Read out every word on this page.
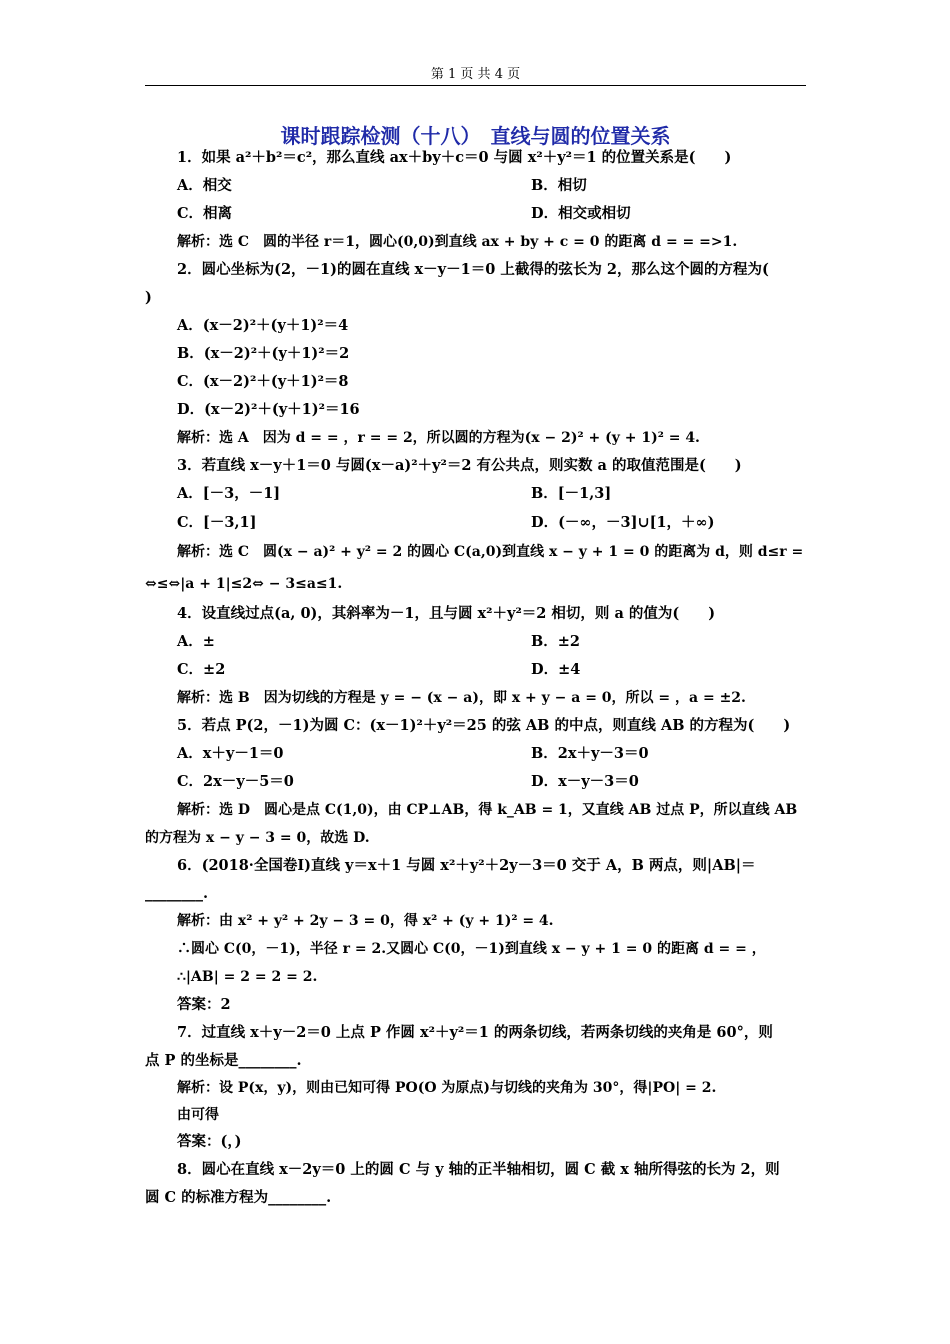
第 1 页 共 4 页
课时跟踪检测（十八）　直线与圆的位置关系
1．如果 a²＋b²＝c²，那么直线 ax＋by＋c＝0 与圆 x²＋y²＝1 的位置关系是(　　)
A．相交	B．相切
C．相离	D．相交或相切
解析：选 C　圆的半径 r＝1，圆心(0,0)到直线 ax + by + c = 0 的距离 d = = =>1.
2．圆心坐标为(2，－1)的圆在直线 x－y－1＝0 上截得的弦长为 2，那么这个圆的方程为(
)
A．(x－2)²＋(y＋1)²＝4
B．(x－2)²＋(y＋1)²＝2
C．(x－2)²＋(y＋1)²＝8
D．(x－2)²＋(y＋1)²＝16
解析：选 A　因为 d = = ，r = = 2，所以圆的方程为(x − 2)² + (y + 1)² = 4.
3．若直线 x－y＋1＝0 与圆(x－a)²＋y²＝2 有公共点，则实数 a 的取值范围是(　　)
A．[－3，－1]	B．[－1,3]
C．[－3,1]	D．(－∞，－3]∪[1，＋∞)
解析：选 C　圆(x − a)² + y² = 2 的圆心 C(a,0)到直线 x − y + 1 = 0 的距离为 d，则 d≤r =
⇔≤⇔|a + 1|≤2⇔ − 3≤a≤1.
4．设直线过点(a, 0)，其斜率为－1，且与圆 x²＋y²＝2 相切，则 a 的值为(　　)
A．±	B．±2
C．±2	D．±4
解析：选 B　因为切线的方程是 y = − (x − a)，即 x + y − a = 0，所以 = ，a = ±2.
5．若点 P(2，－1)为圆 C：(x－1)²＋y²＝25 的弦 AB 的中点，则直线 AB 的方程为(　　)
A．x＋y－1＝0	B．2x＋y－3＝0
C．2x－y－5＝0	D．x－y－3＝0
解析：选 D　圆心是点 C(1,0)，由 CP⊥AB，得 k_AB = 1，又直线 AB 过点 P，所以直线 AB
的方程为 x − y − 3 = 0，故选 D.
6．(2018·全国卷Ⅰ)直线 y＝x＋1 与圆 x²＋y²＋2y－3＝0 交于 A，B 两点，则|AB|＝
________.
解析：由 x² + y² + 2y − 3 = 0，得 x² + (y + 1)² = 4.
∴圆心 C(0，－1)，半径 r = 2.又圆心 C(0，－1)到直线 x − y + 1 = 0 的距离 d = = ，
∴|AB| = 2 = 2 = 2.
答案：2
7．过直线 x＋y－2＝0 上点 P 作圆 x²＋y²＝1 的两条切线，若两条切线的夹角是 60°，则
点 P 的坐标是________.
解析：设 P(x，y)，则由已知可得 PO(O 为原点)与切线的夹角为 30°，得|PO| = 2.
由可得
答案：(，)
8．圆心在直线 x－2y＝0 上的圆 C 与 y 轴的正半轴相切，圆 C 截 x 轴所得弦的长为 2，则
圆 C 的标准方程为________.
